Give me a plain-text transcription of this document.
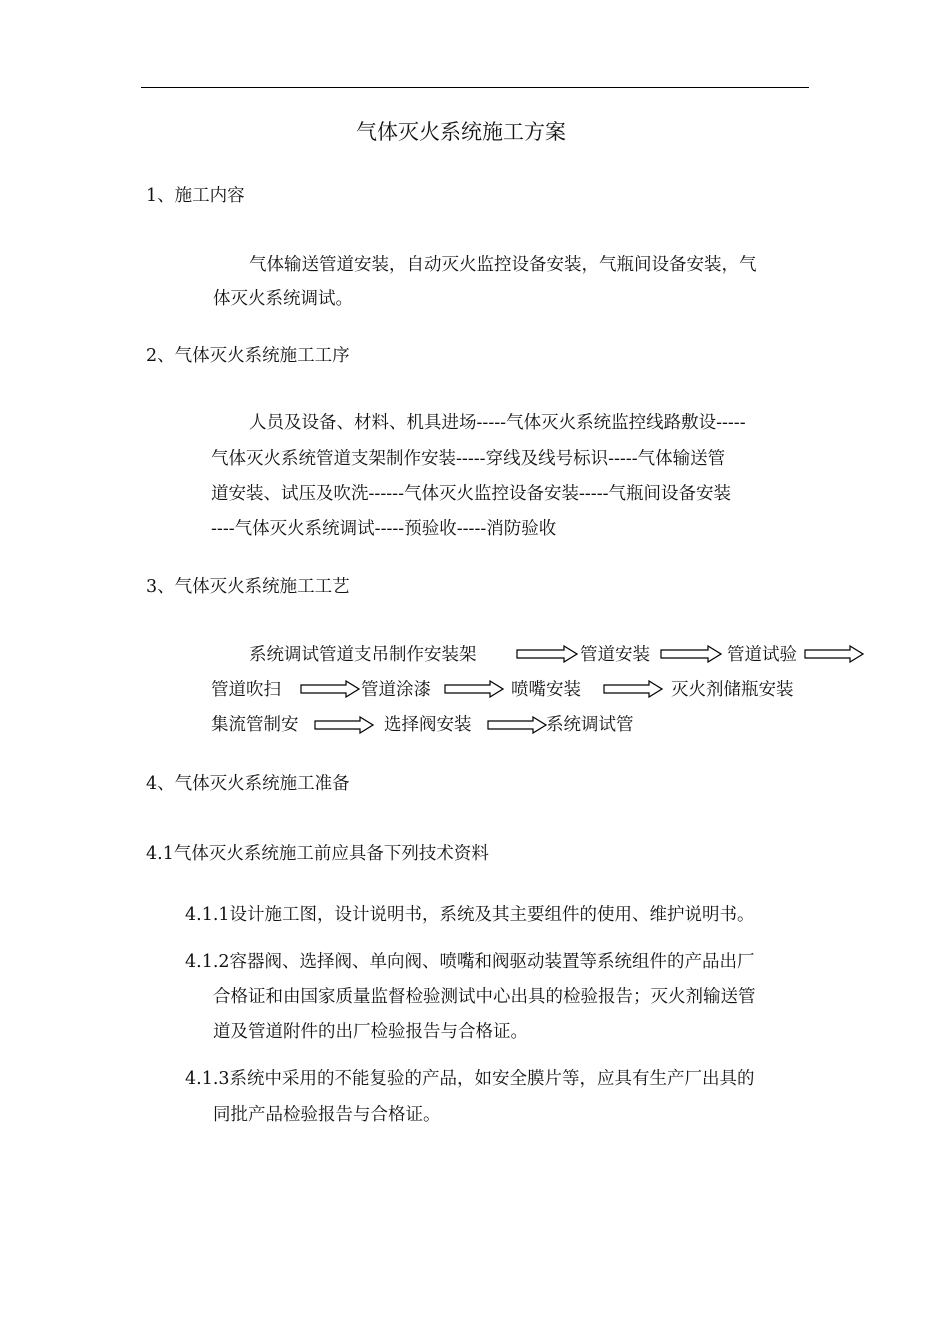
气体灭火系统施工方案
1、施工内容
气体输送管道安装，自动灭火监控设备安装，气瓶间设备安装，气
体灭火系统调试。
2、气体灭火系统施工工序
人员及设备、材料、机具进场-----气体灭火系统监控线路敷设-----
气体灭火系统管道支架制作安装-----穿线及线号标识-----气体输送管
道安装、试压及吹洗------气体灭火监控设备安装-----气瓶间设备安装
----气体灭火系统调试-----预验收-----消防验收
3、气体灭火系统施工工艺
系统调试管道支吊制作安装架	管道安装	管道试验
管道吹扫	管道涂漆	喷嘴安装	灭火剂储瓶安装
集流管制安	选择阀安装	系统调试管
4、气体灭火系统施工准备
4.1气体灭火系统施工前应具备下列技术资料
4.1.1设计施工图，设计说明书，系统及其主要组件的使用、维护说明书。
4.1.2容器阀、选择阀、单向阀、喷嘴和阀驱动装置等系统组件的产品出厂
合格证和由国家质量监督检验测试中心出具的检验报告；灭火剂输送管
道及管道附件的出厂检验报告与合格证。
4.1.3系统中采用的不能复验的产品，如安全膜片等，应具有生产厂出具的
同批产品检验报告与合格证。
